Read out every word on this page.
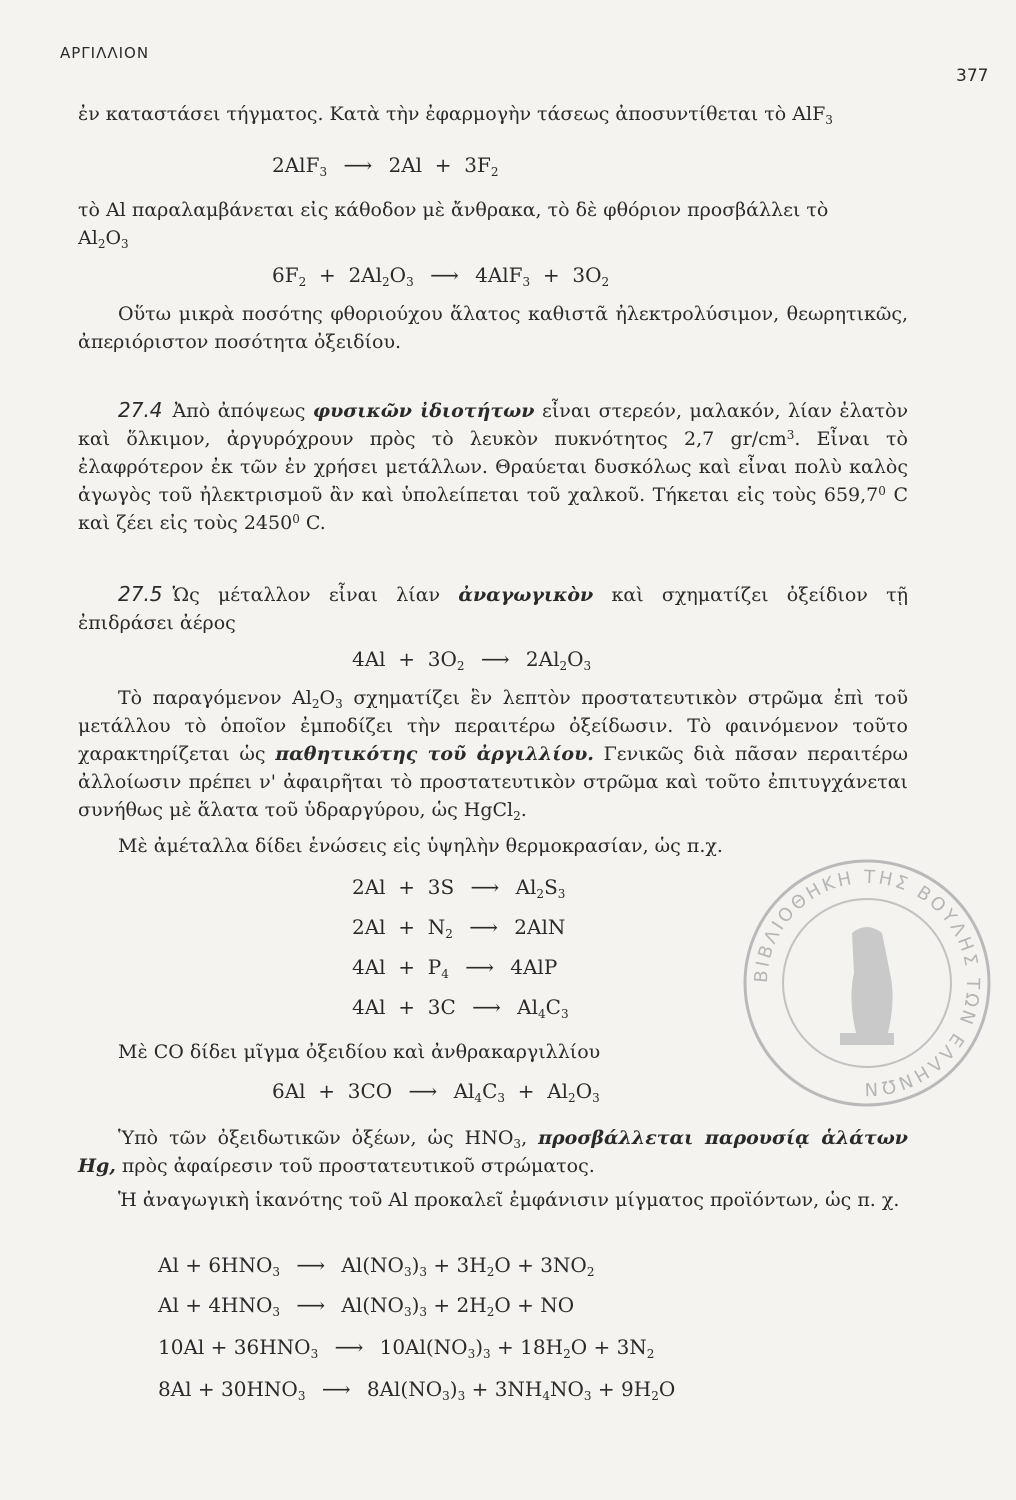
ΑΡΓΙΛΛΙΟΝ
377

ἐν καταστάσει τήγματος. Κατὰ τὴν ἐφαρμογὴν τάσεως ἀποσυντίθεται τὸ AlF$_3$

2AlF$_3$ ⟶ $2Al + 3F_2$

τὸ Al παραλαμβάνεται εἰς κάθοδον μὲ ἄνθρακα, τὸ δὲ φθόριον προσβάλλει τὸ
$Al_2O_3$

$6F_2 + 2Al_2O_3$ ⟶ $4AlF_3 + 3O_2$

Οὕτω μικρὰ ποσότης φθοριούχου ἅλατος καθιστᾶ ἠλεκτρολύσιμον, θεωρητικῶς, ἀπεριόριστον ποσότητα ὀξειδίου.

27.4 Ἀπὸ ἀπόψεως φυσικῶν ἰδιοτήτων εἶναι στερεόν, μαλακόν, λίαν ἐλατὸν καὶ ὅλκιμον, ἀργυρόχρουν πρὸς τὸ λευκὸν πυκνότητος 2,7 $gr/cm^3$. Εἶναι τὸ ἐλαφρότερον ἐκ τῶν ἐν χρήσει μετάλλων. Θραύεται δυσκόλως καὶ εἶναι πολὺ καλὸς ἀγωγὸς τοῦ ἠλεκτρισμοῦ ἂν καὶ ὑπολείπεται τοῦ χαλκοῦ. Τήκεται εἰς τοὺς 659,7$^0$ C καὶ ζέει εἰς τοὺς 2450$^0$ C.

27.5 Ὡς μέταλλον εἶναι λίαν ἀναγωγικὸν καὶ σχηματίζει ὀξείδιον τῇ ἐπιδράσει ἀέρος

$4Al + 3O_2$ ⟶ $2Al_2O_3$

Τὸ παραγόμενον $Al_2O_3$ σχηματίζει ἓν λεπτὸν προστατευτικὸν στρῶμα ἐπὶ τοῦ μετάλλου τὸ ὁποῖον ἐμποδίζει τὴν περαιτέρω ὀξείδωσιν. Τὸ φαινόμενον τοῦτο χαρακτηρίζεται ὡς παθητικότης τοῦ ἀργιλλίου. Γενικῶς διὰ πᾶσαν περαιτέρω ἀλλοίωσιν πρέπει ν' ἀφαιρῆται τὸ προστατευτικὸν στρῶμα καὶ τοῦτο ἐπιτυγχάνεται συνήθως μὲ ἅλατα τοῦ ὑδραργύρου, ὡς HgCl$_2$.

Μὲ ἀμέταλλα δίδει ἑνώσεις εἰς ὑψηλὴν θερμοκρασίαν, ὡς π.χ.

2Al  +  3S ⟶ $Al_2S_3$
$2Al + N_2$ ⟶ 2AlN
$4Al + P_4$ ⟶ 4AlP
4Al  +  3C ⟶ $Al_4C_3$

Μὲ CO δίδει μῖγμα ὀξειδίου καὶ ἀνθρακαργιλλίου

6Al  +  3CO ⟶ $Al_4C_3 + Al_2O_3$

Ὑπὸ τῶν ὀξειδωτικῶν ὀξέων, ὡς $HNO_3$, προσβάλλεται παρουσίᾳ ἁλάτων Hg, πρὸς ἀφαίρεσιν τοῦ προστατευτικοῦ στρώματος.

Ἡ ἀναγωγικὴ ἱκανότης τοῦ Al προκαλεῖ ἐμφάνισιν μίγματος προϊόντων, ὡς π. χ.

$Al + 6HNO_3$ ⟶ $Al(NO_3)_3 + 3H_2O + 3NO_2$
$Al + 4HNO_3$ ⟶ $Al(NO_3)_3 + 2H_2O$ + NO
$10Al + 36HNO_3$ ⟶ $10Al(NO_3)_3 + 18H_2O + 3N_2$
$8Al + 30HNO_3$ ⟶ $8Al(NO_3)_3 + 3NH_4NO_3 + 9H_2O$
ΒΙΒΛΙΟΘΗΚΗ ΤΗΣ ΒΟΥΛΗΣ ΤΩΝ ΕΛΛΗΝΩΝ
